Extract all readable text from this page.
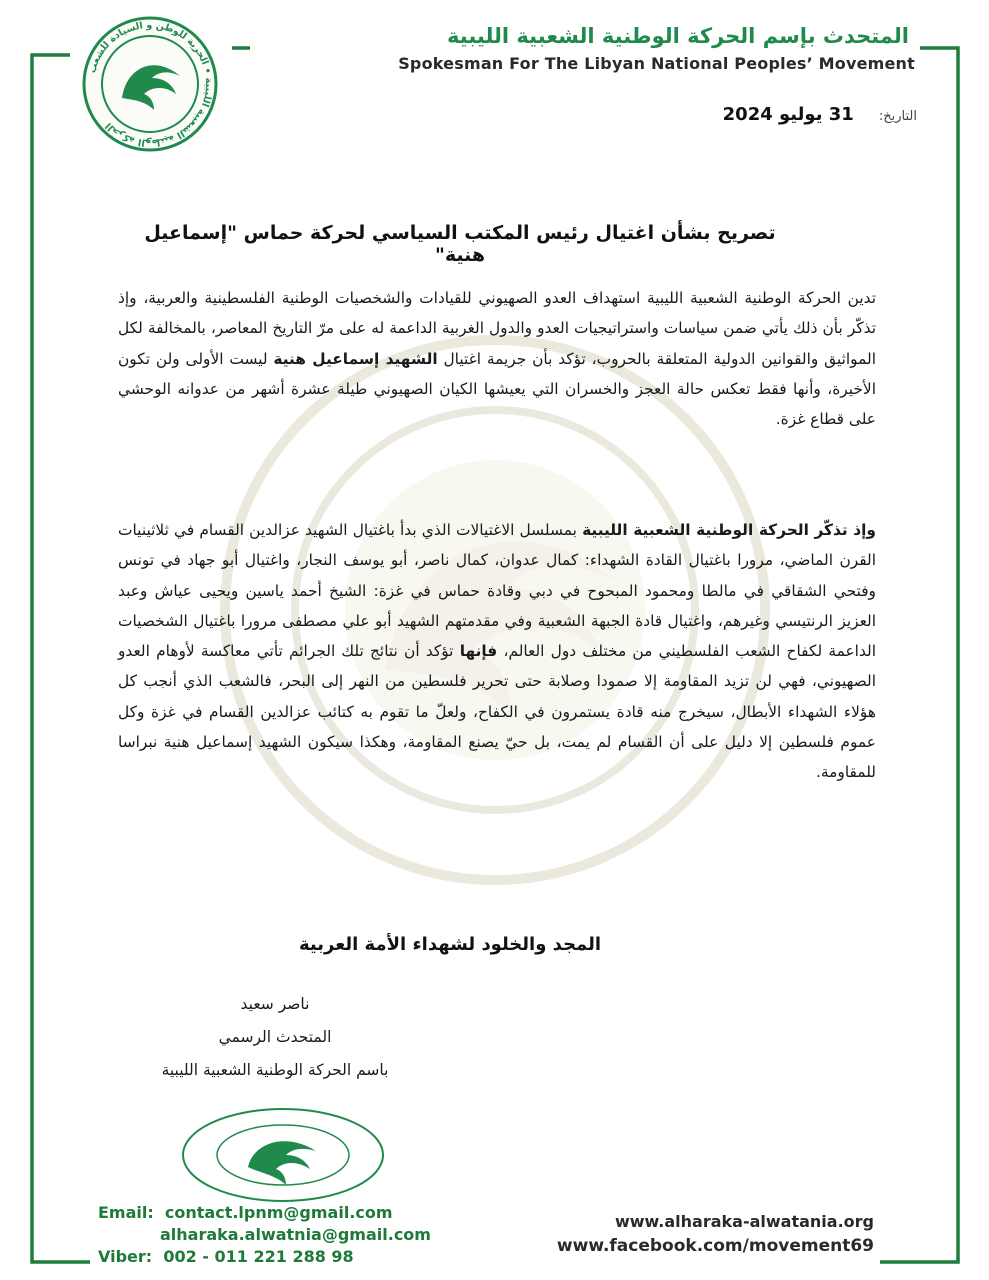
الحركة الوطنية الشعبية الليبية • الحرية للوطن و السيادة للشعب
المتحدث بإسم الحركة الوطنية الشعبية الليبية
Spokesman For The Libyan National Peoples’ Movement
التاريخ: 31 يوليو 2024
تصريح بشأن اغتيال رئيس المكتب السياسي لحركة حماس "إسماعيل هنية"
تدين الحركة الوطنية الشعبية الليبية استهداف العدو الصهيوني للقيادات والشخصيات الوطنية الفلسطينية والعربية، وإذ تذكّر بأن ذلك يأتي ضمن سياسات واستراتيجيات العدو والدول الغربية الداعمة له على مرّ التاريخ المعاصر، بالمخالفة لكل المواثيق والقوانين الدولية المتعلقة بالحروب، تؤكد بأن جريمة اغتيال الشهيد إسماعيل هنية ليست الأولى ولن تكون الأخيرة، وأنها فقط تعكس حالة العجز والخسران التي يعيشها الكيان الصهيوني طيلة عشرة أشهر من عدوانه الوحشي على قطاع غزة.
وإذ تذكّر الحركة الوطنية الشعبية الليبية بمسلسل الاغتيالات الذي بدأ باغتيال الشهيد عزالدين القسام في ثلاثينيات القرن الماضي، مرورا باغتيال القادة الشهداء: كمال عدوان، كمال ناصر، أبو يوسف النجار، واغتيال أبو جهاد في تونس وفتحي الشقاقي في مالطا ومحمود المبحوح في دبي وقادة حماس في غزة: الشيخ أحمد ياسين ويحيى عياش وعبد العزيز الرنتيسي وغيرهم، واغتيال قادة الجبهة الشعبية وفي مقدمتهم الشهيد أبو علي مصطفى مرورا باغتيال الشخصيات الداعمة لكفاح الشعب الفلسطيني من مختلف دول العالم، فإنها تؤكد أن نتائج تلك الجرائم تأتي معاكسة لأوهام العدو الصهيوني، فهي لن تزيد المقاومة إلا صمودا وصلابة حتى تحرير فلسطين من النهر إلى البحر، فالشعب الذي أنجب كل هؤلاء الشهداء الأبطال، سيخرج منه قادة يستمرون في الكفاح، ولعلّ ما تقوم به كتائب عزالدين القسام في غزة وكل عموم فلسطين إلا دليل على أن القسام لم يمت، بل حيّ يصنع المقاومة، وهكذا سيكون الشهيد إسماعيل هنية نبراسا للمقاومة.
المجد والخلود لشهداء الأمة العربية
ناصر سعيد
المتحدث الرسمي
باسم الحركة الوطنية الشعبية الليبية
Email: contact.lpnm@gmail.com
alharaka.alwatnia@gmail.com
Viber: 002 - 011 221 288 98
www.alharaka-alwatania.org
www.facebook.com/movement69
